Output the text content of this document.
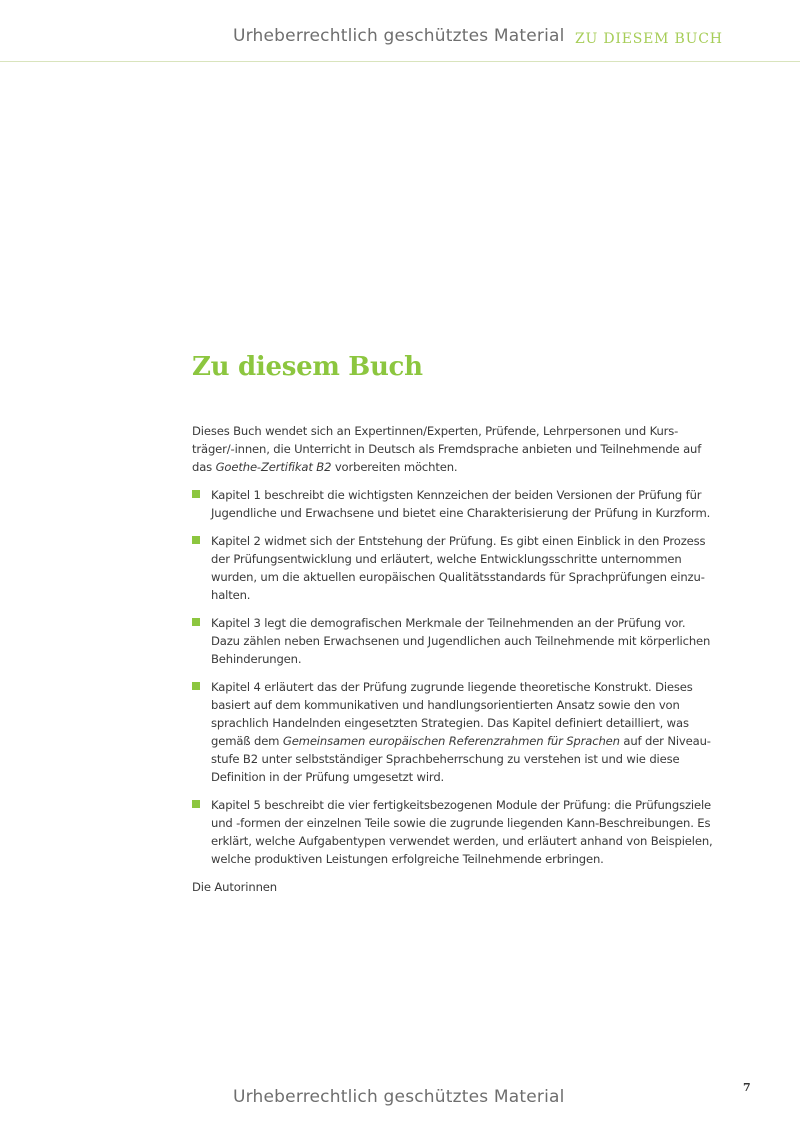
Urheberrechtlich geschütztes Material ZU DIESEM BUCH
Zu diesem Buch
Dieses Buch wendet sich an Expertinnen/Experten, Prüfende, Lehrpersonen und Kurs-
träger/-innen, die Unterricht in Deutsch als Fremdsprache anbieten und Teilnehmende auf
das Goethe-Zertifikat B2 vorbereiten möchten.
Kapitel 1 beschreibt die wichtigsten Kennzeichen der beiden Versionen der Prüfung für
Jugendliche und Erwachsene und bietet eine Charakterisierung der Prüfung in Kurzform.
Kapitel 2 widmet sich der Entstehung der Prüfung. Es gibt einen Einblick in den Prozess
der Prüfungsentwicklung und erläutert, welche Entwicklungsschritte unternommen
wurden, um die aktuellen europäischen Qualitätsstandards für Sprachprüfungen einzu-
halten.
Kapitel 3 legt die demografischen Merkmale der Teilnehmenden an der Prüfung vor.
Dazu zählen neben Erwachsenen und Jugendlichen auch Teilnehmende mit körperlichen
Behinderungen.
Kapitel 4 erläutert das der Prüfung zugrunde liegende theoretische Konstrukt. Dieses
basiert auf dem kommunikativen und handlungsorientierten Ansatz sowie den von
sprachlich Handelnden eingesetzten Strategien. Das Kapitel definiert detailliert, was
gemäß dem Gemeinsamen europäischen Referenzrahmen für Sprachen auf der Niveau-
stufe B2 unter selbstständiger Sprachbeherrschung zu verstehen ist und wie diese
Definition in der Prüfung umgesetzt wird.
Kapitel 5 beschreibt die vier fertigkeitsbezogenen Module der Prüfung: die Prüfungsziele
und -formen der einzelnen Teile sowie die zugrunde liegenden Kann-Beschreibungen. Es
erklärt, welche Aufgabentypen verwendet werden, und erläutert anhand von Beispielen,
welche produktiven Leistungen erfolgreiche Teilnehmende erbringen.
Die Autorinnen
7
Urheberrechtlich geschütztes Material
